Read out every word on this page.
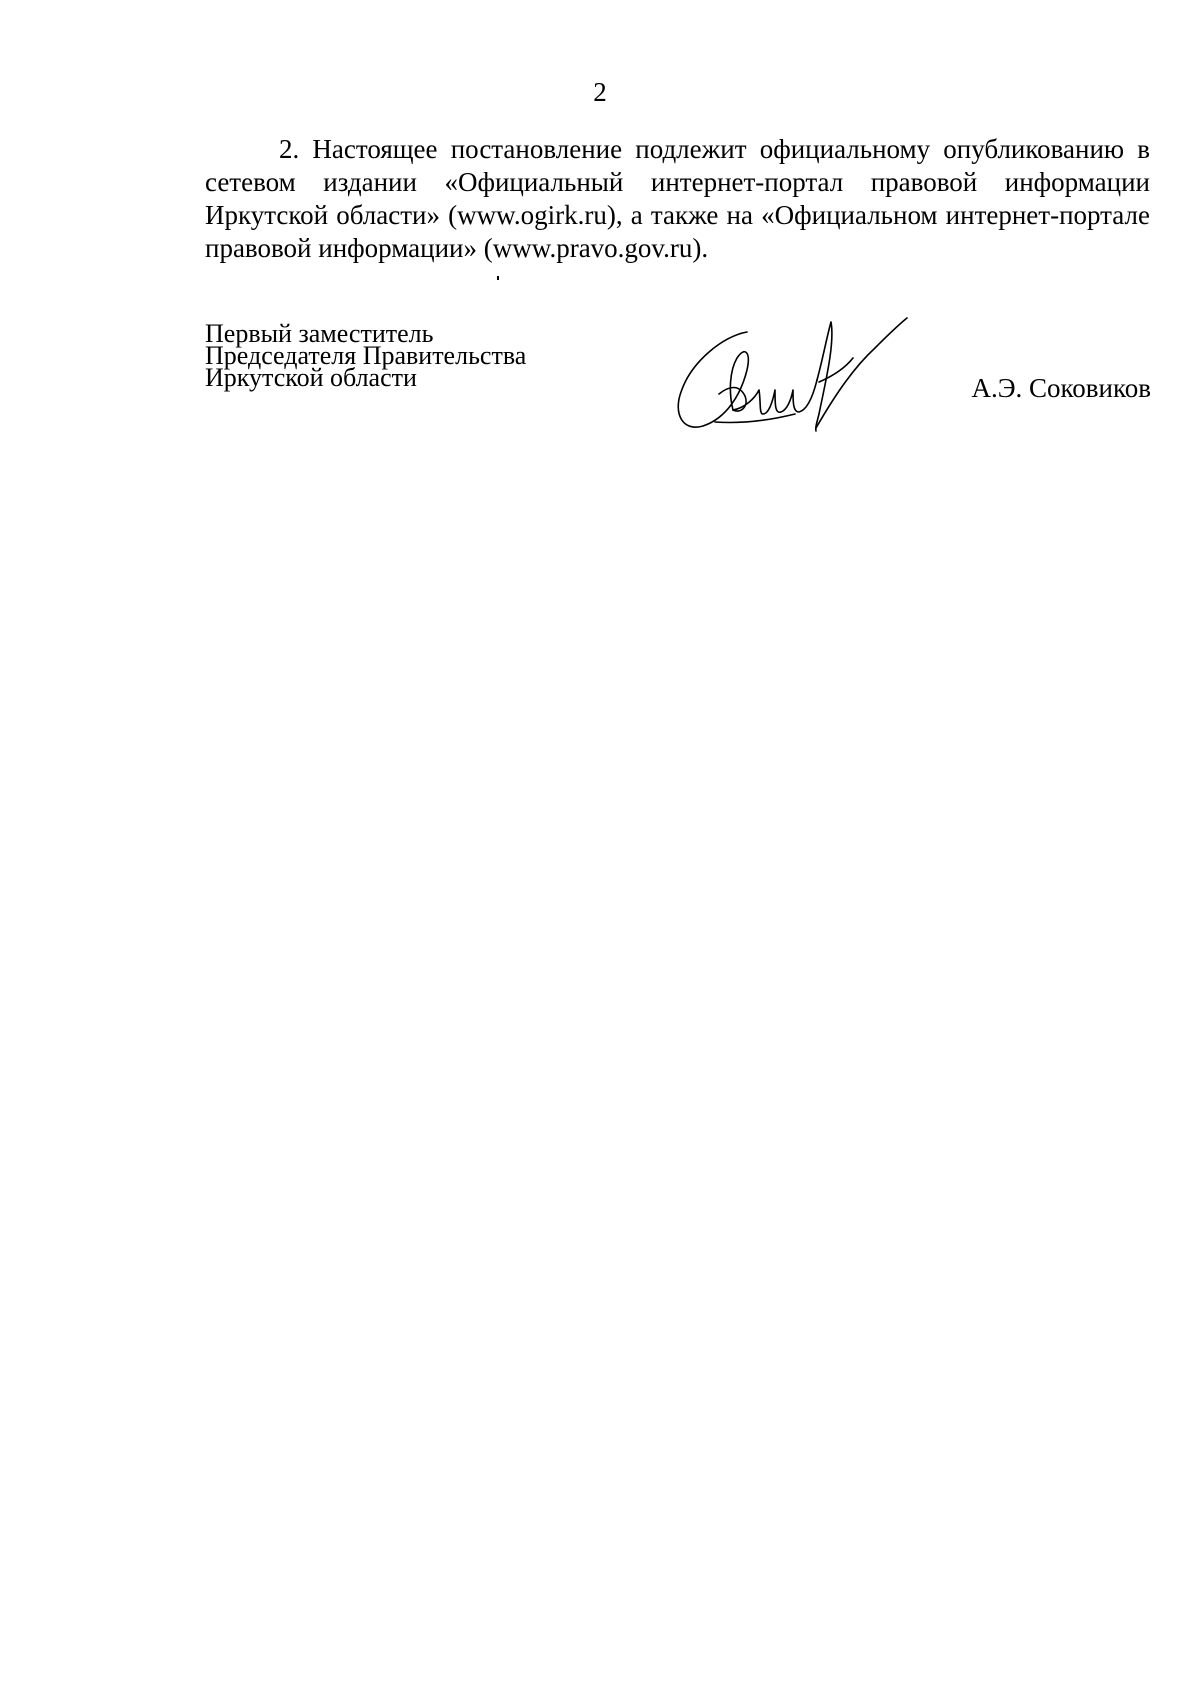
2

2. Настоящее постановление подлежит официальному опубликованию в сетевом издании «Официальный интернет-портал правовой информации Иркутской области» (www.ogirk.ru), а также на «Официальном интернет-портале правовой информации» (www.pravo.gov.ru).

Первый заместитель
Председателя Правительства
Иркутской области	А.Э. Соковиков
